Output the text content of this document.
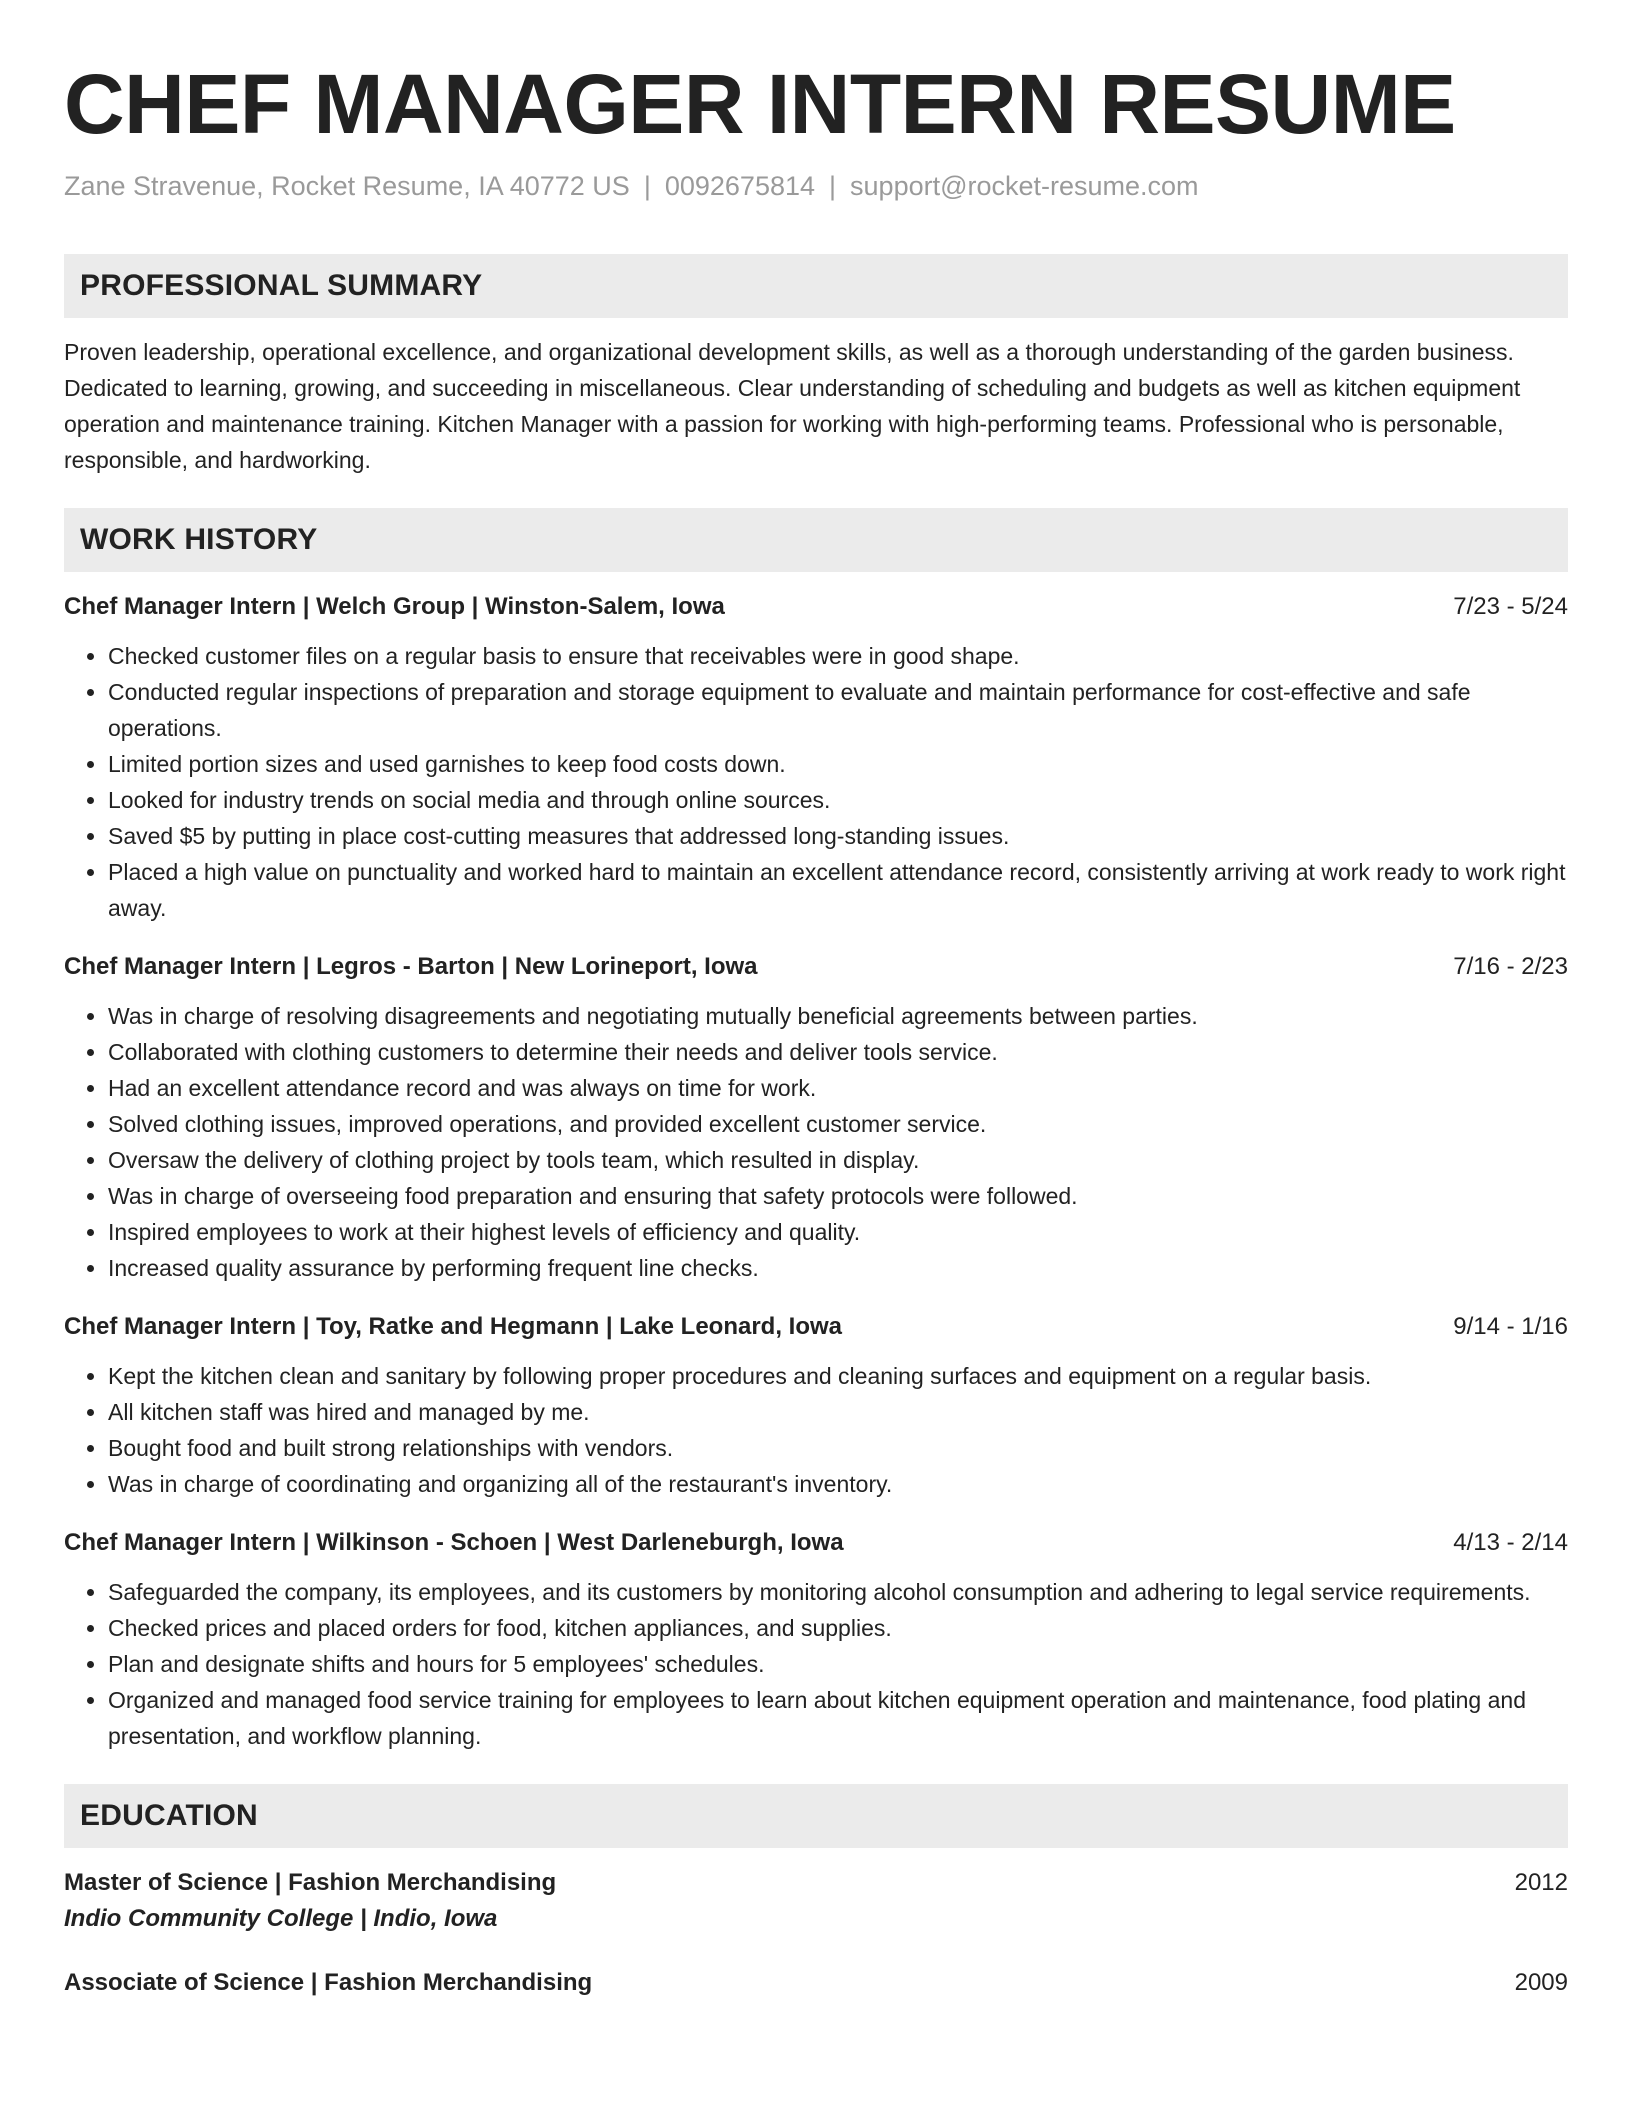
CHEF MANAGER INTERN RESUME
Zane Stravenue, Rocket Resume, IA 40772 US | 0092675814 | support@rocket-resume.com
PROFESSIONAL SUMMARY
Proven leadership, operational excellence, and organizational development skills, as well as a thorough understanding of the garden business. Dedicated to learning, growing, and succeeding in miscellaneous. Clear understanding of scheduling and budgets as well as kitchen equipment operation and maintenance training. Kitchen Manager with a passion for working with high-performing teams. Professional who is personable, responsible, and hardworking.
WORK HISTORY
Chef Manager Intern | Welch Group | Winston-Salem, Iowa	7/23 - 5/24
• Checked customer files on a regular basis to ensure that receivables were in good shape.
• Conducted regular inspections of preparation and storage equipment to evaluate and maintain performance for cost-effective and safe operations.
• Limited portion sizes and used garnishes to keep food costs down.
• Looked for industry trends on social media and through online sources.
• Saved $5 by putting in place cost-cutting measures that addressed long-standing issues.
• Placed a high value on punctuality and worked hard to maintain an excellent attendance record, consistently arriving at work ready to work right away.
Chef Manager Intern | Legros - Barton | New Lorineport, Iowa	7/16 - 2/23
• Was in charge of resolving disagreements and negotiating mutually beneficial agreements between parties.
• Collaborated with clothing customers to determine their needs and deliver tools service.
• Had an excellent attendance record and was always on time for work.
• Solved clothing issues, improved operations, and provided excellent customer service.
• Oversaw the delivery of clothing project by tools team, which resulted in display.
• Was in charge of overseeing food preparation and ensuring that safety protocols were followed.
• Inspired employees to work at their highest levels of efficiency and quality.
• Increased quality assurance by performing frequent line checks.
Chef Manager Intern | Toy, Ratke and Hegmann | Lake Leonard, Iowa	9/14 - 1/16
• Kept the kitchen clean and sanitary by following proper procedures and cleaning surfaces and equipment on a regular basis.
• All kitchen staff was hired and managed by me.
• Bought food and built strong relationships with vendors.
• Was in charge of coordinating and organizing all of the restaurant's inventory.
Chef Manager Intern | Wilkinson - Schoen | West Darleneburgh, Iowa	4/13 - 2/14
• Safeguarded the company, its employees, and its customers by monitoring alcohol consumption and adhering to legal service requirements.
• Checked prices and placed orders for food, kitchen appliances, and supplies.
• Plan and designate shifts and hours for 5 employees' schedules.
• Organized and managed food service training for employees to learn about kitchen equipment operation and maintenance, food plating and presentation, and workflow planning.
EDUCATION
Master of Science | Fashion Merchandising	2012
Indio Community College | Indio, Iowa
Associate of Science | Fashion Merchandising	2009
